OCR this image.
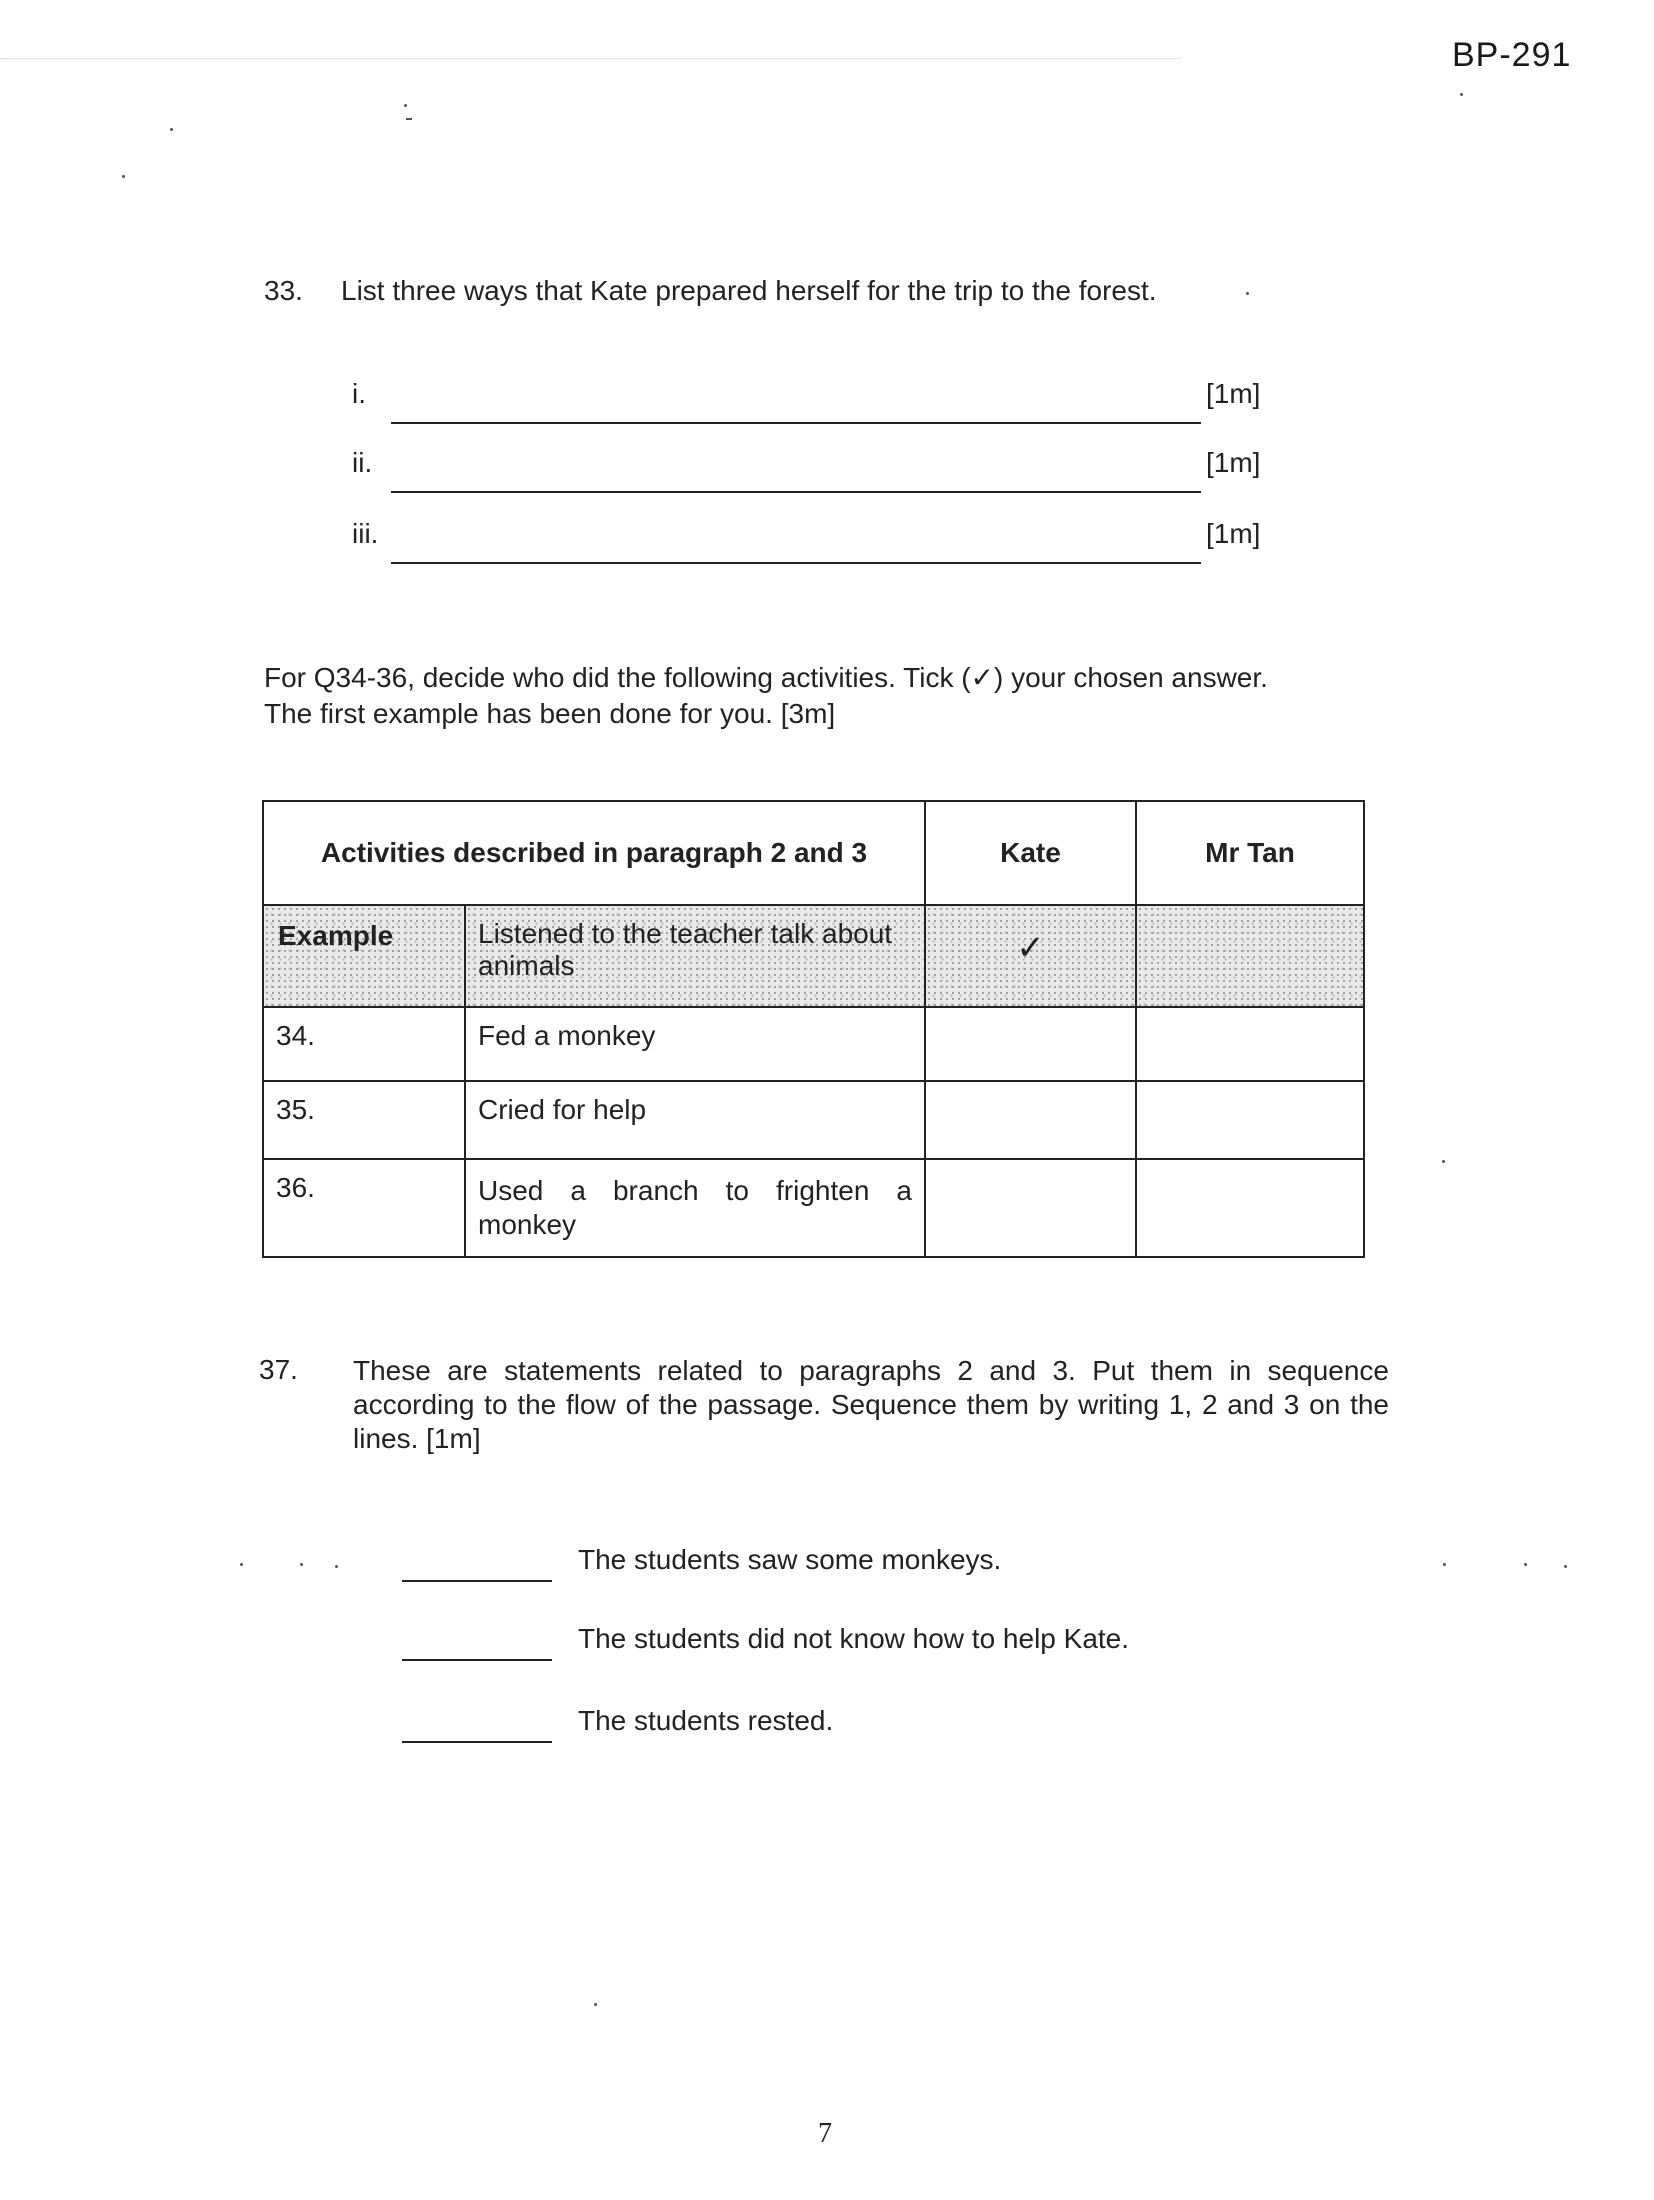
BP-291
33. List three ways that Kate prepared herself for the trip to the forest.
i.	[1m]
ii.	[1m]
iii.	[1m]
For Q34-36, decide who did the following activities. Tick (✓) your chosen answer.
The first example has been done for you. [3m]
Activities described in paragraph 2 and 3		Kate	Mr Tan

Example	Listened to the teacher talk about animals	✓	

34.	Fed a monkey		

35.	Cried for help		

36.	Used a branch to frighten a monkey		

37. These are statements related to paragraphs 2 and 3. Put them in sequence according to the flow of the passage. Sequence them by writing 1, 2 and 3 on the lines. [1m]
The students saw some monkeys.
The students did not know how to help Kate.
The students rested.
7
